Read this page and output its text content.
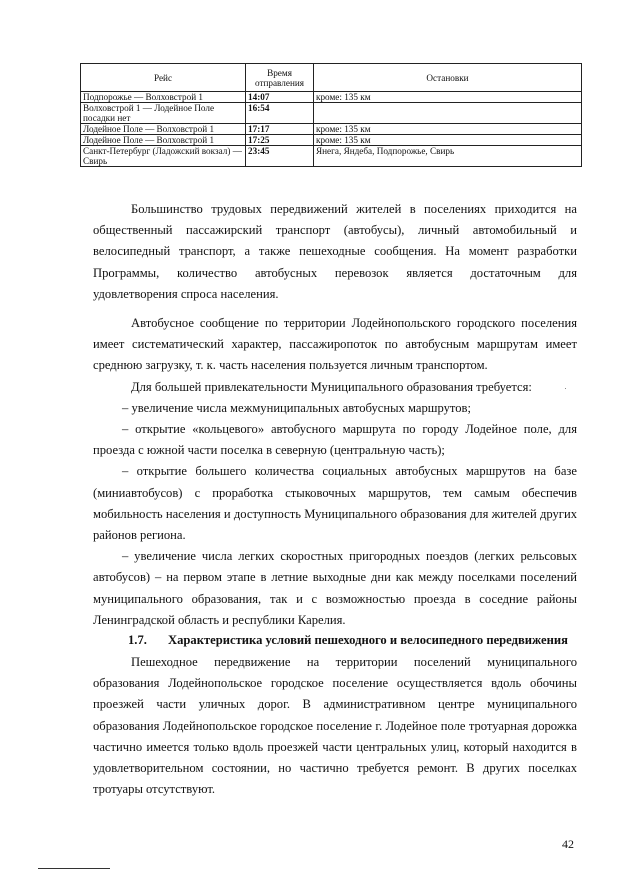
Рейс	Время отправления	Остановки
Подпорожье — Волховстрой 1	14:07	кроме: 135 км
Волховстрой 1 — Лодейное Поле посадки нет	16:54	
Лодейное Поле — Волховстрой 1	17:17	кроме: 135 км
Лодейное Поле — Волховстрой 1	17:25	кроме: 135 км
Санкт-Петербург (Ладожский вокзал) — Свирь	23:45	Янега, Яндеба, Подпорожье, Свирь

Большинство трудовых передвижений жителей в поселениях приходится на общественный пассажирский транспорт (автобусы), личный автомобильный и велосипедный транспорт, а также пешеходные сообщения. На момент разработки Программы, количество автобусных перевозок является достаточным для удовлетворения спроса населения.

Автобусное сообщение по территории Лодейнопольского городского поселения имеет систематический характер, пассажиропоток по автобусным маршрутам имеет среднюю загрузку, т. к. часть населения пользуется личным транспортом.

Для большей привлекательности Муниципального образования требуется:

– увеличение числа межмуниципальных автобусных маршрутов;

– открытие «кольцевого» автобусного маршрута по городу Лодейное поле, для проезда с южной части поселка в северную (центральную часть);

– открытие большего количества социальных автобусных маршрутов на базе (миниавтобусов) с проработка стыковочных маршрутов, тем самым обеспечив мобильность населения и доступность Муниципального образования для жителей других районов региона.

– увеличение числа легких скоростных пригородных поездов (легких рельсовых автобусов) – на первом этапе в летние выходные дни как между поселками поселений муниципального образования, так и с возможностью проезда в соседние районы Ленинградской область и республики Карелия.

1.7. Характеристика условий пешеходного и велосипедного передвижения

Пешеходное передвижение на территории поселений муниципального образования Лодейнопольское городское поселение осуществляется вдоль обочины проезжей части уличных дорог. В административном центре муниципального образования Лодейнопольское городское поселение г. Лодейное поле тротуарная дорожка частично имеется только вдоль проезжей части центральных улиц, который находится в удовлетворительном состоянии, но частично требуется ремонт. В других поселках тротуары отсутствуют.

42
